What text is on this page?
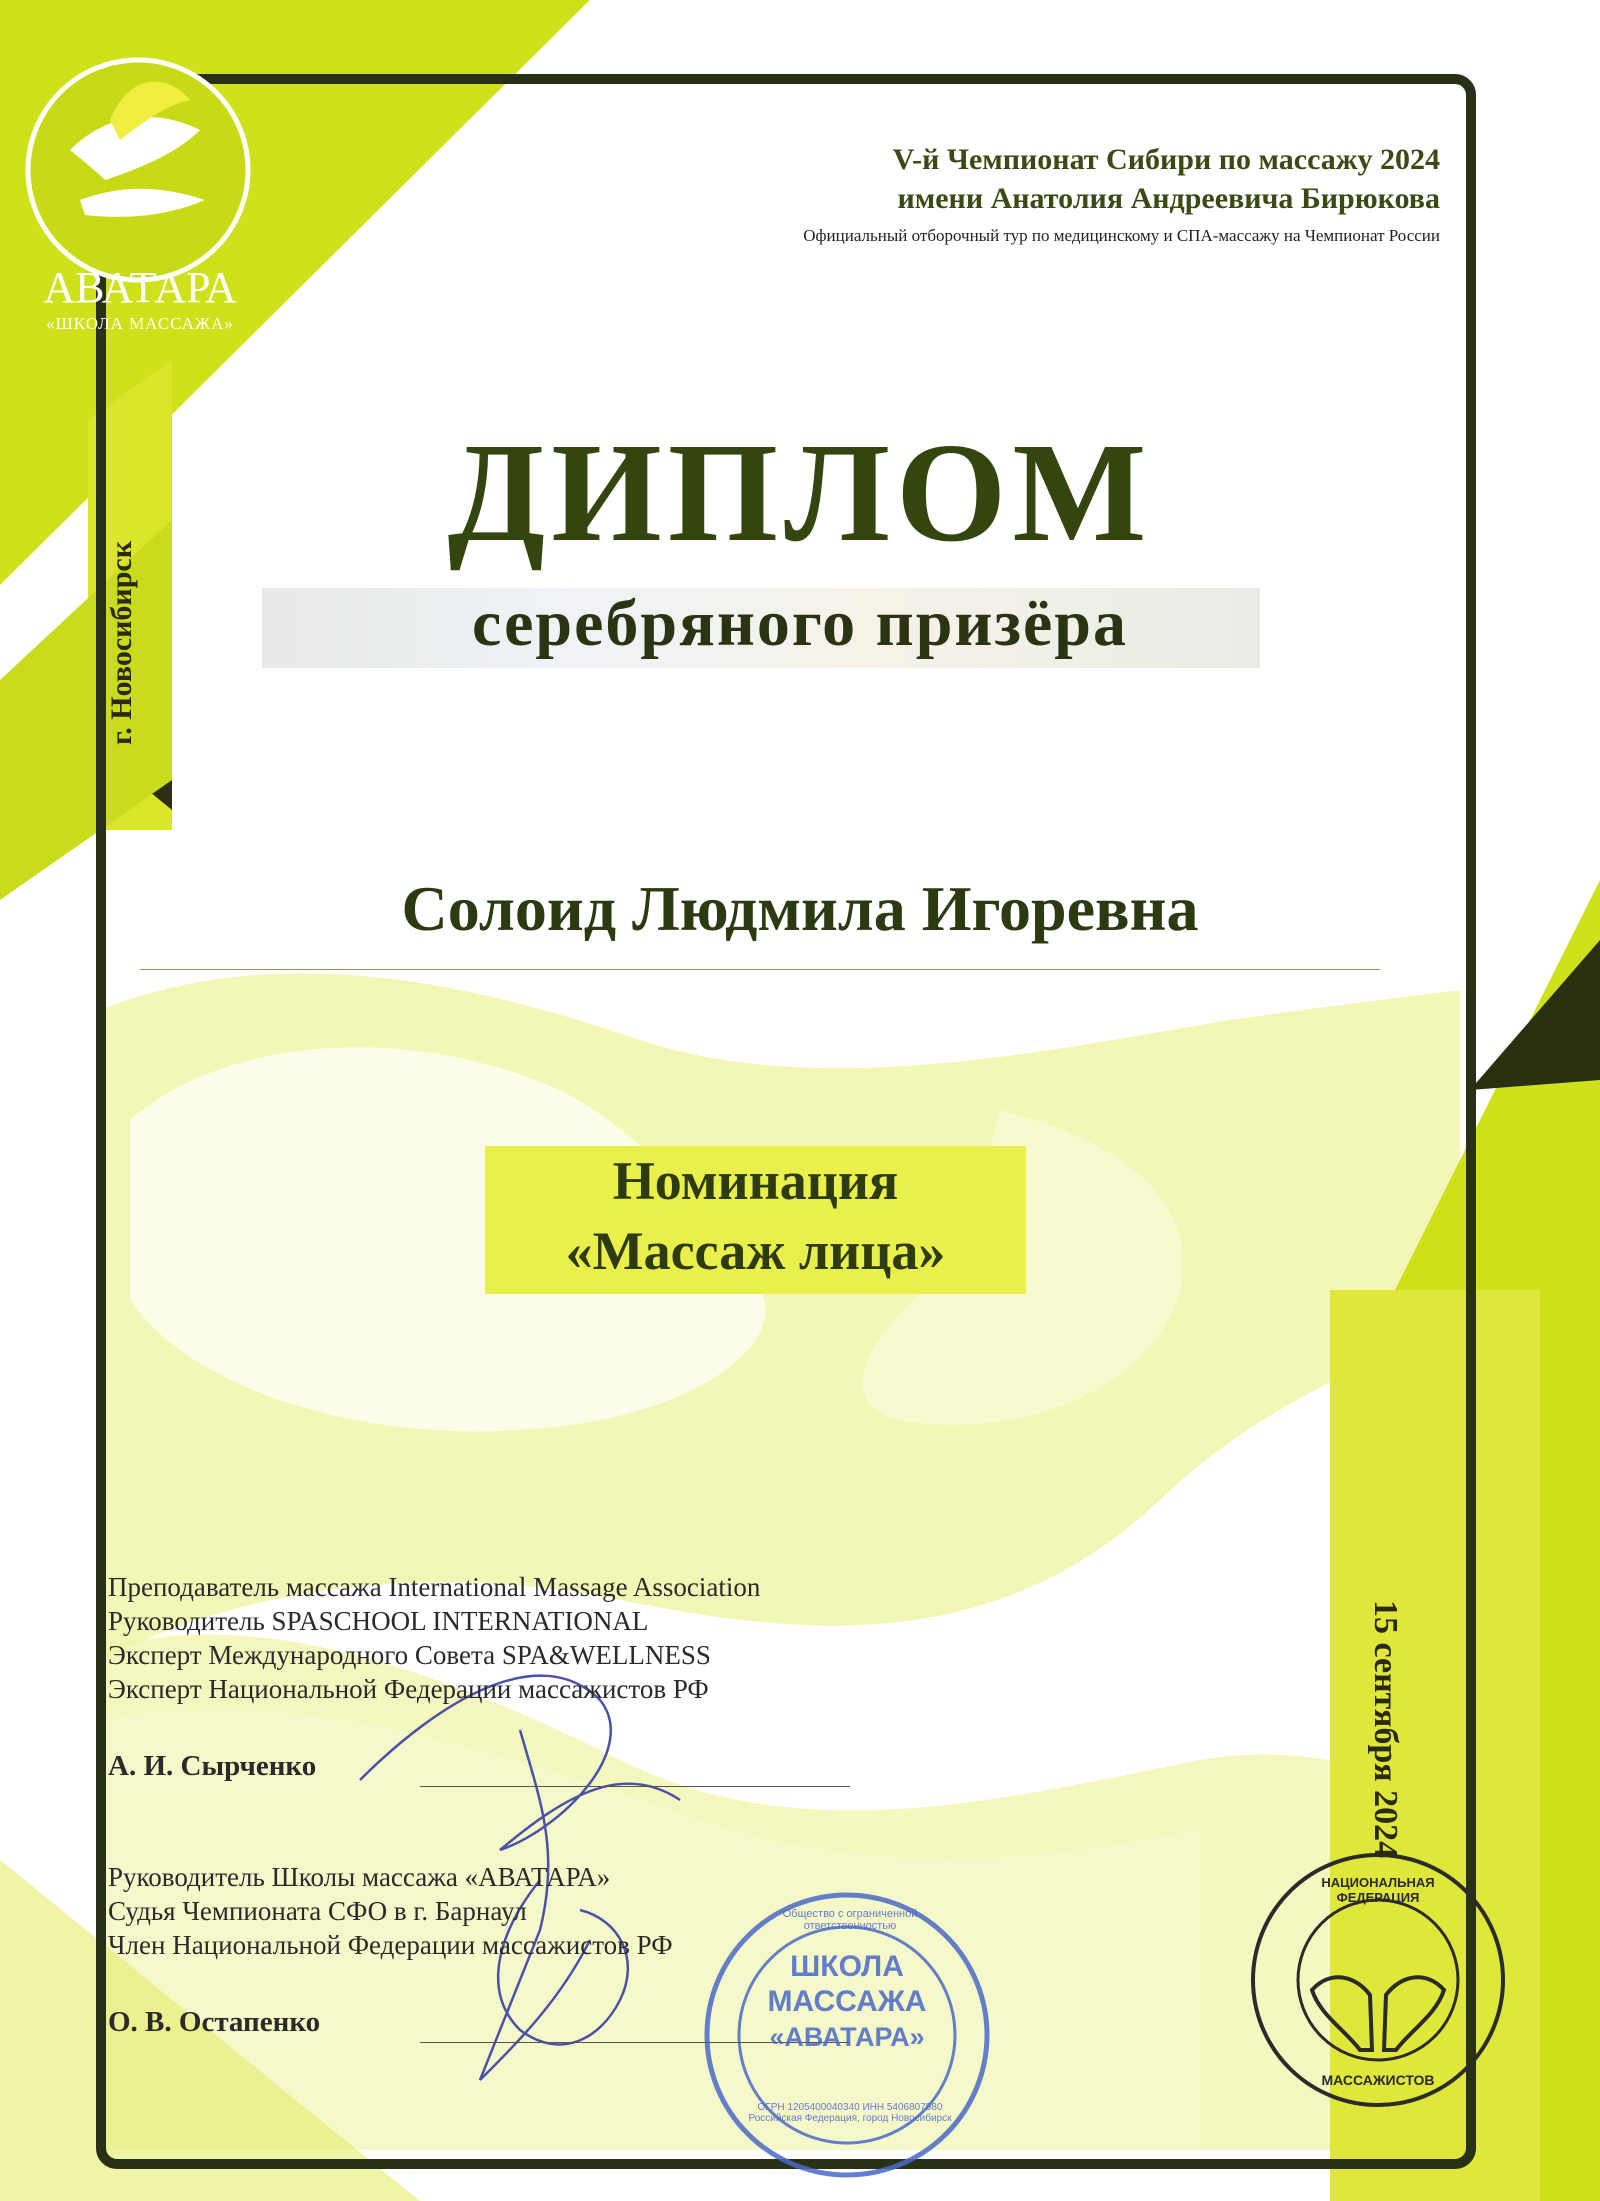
АВАТАРА
«ШКОЛА МАССАЖА»
V-й Чемпионат Сибири по массажу 2024
имени Анатолия Андреевича Бирюкова
Официальный отборочный тур по медицинскому и СПА-массажу на Чемпионат России
г. Новосибирск
15 сентября 2024
ДИПЛОМ
серебряного призёра
Солоид Людмила Игоревна
Номинация
«Массаж лица»
Преподаватель массажа International Massage Association
Руководитель SPASCHOOL INTERNATIONAL
Эксперт Международного Совета SPA&WELLNESS
Эксперт Национальной Федерации массажистов РФ
А. И. Сырченко
Руководитель Школы массажа «АВАТАРА»
Судья Чемпионата СФО в г. Барнаул
Член Национальной Федерации массажистов РФ
О. В. Остапенко
ШКОЛА
МАССАЖА
«АВАТАРА»
Общество с ограниченной ответственностью
ОГРН 1205400040340 ИНН 5406807980 Российская Федерация, город Новосибирск
НАЦИОНАЛЬНАЯ ФЕДЕРАЦИЯ
МАССАЖИСТОВ
